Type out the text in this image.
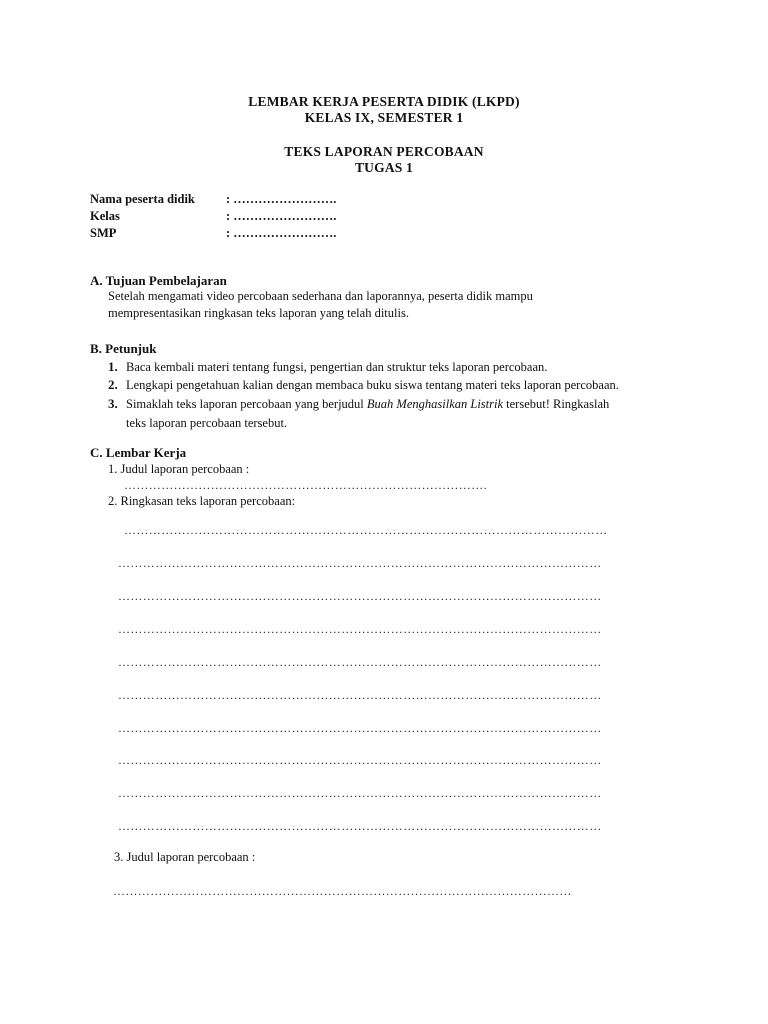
LEMBAR KERJA PESERTA DIDIK (LKPD)
KELAS IX, SEMESTER 1
TEKS LAPORAN PERCOBAAN
TUGAS 1
Nama peserta didik : …………………….
Kelas	: …………………….
SMP	: …………………….
A. Tujuan Pembelajaran
Setelah mengamati video percobaan sederhana dan laporannya, peserta didik mampu
mempresentasikan ringkasan teks laporan yang telah ditulis.
B. Petunjuk
1. Baca kembali materi tentang fungsi, pengertian dan struktur teks laporan percobaan.
2. Lengkapi pengetahuan kalian dengan membaca buku siswa tentang materi teks laporan percobaan.
3. Simaklah teks laporan percobaan yang berjudul Buah Menghasilkan Listrik tersebut! Ringkaslah
teks laporan percobaan tersebut.
C. Lembar Kerja
1. Judul laporan percobaan :
…………………………………………………………………………….
2. Ringkasan teks laporan percobaan:
………………………………………………………………………………………………………
………………………………………………………………………………………………………
………………………………………………………………………………………………………
………………………………………………………………………………………………………
………………………………………………………………………………………………………
………………………………………………………………………………………………………
………………………………………………………………………………………………………
………………………………………………………………………………………………………
………………………………………………………………………………………………………
………………………………………………………………………………………………………
3. Judul laporan percobaan :
…………………………………………………………………………………………………
